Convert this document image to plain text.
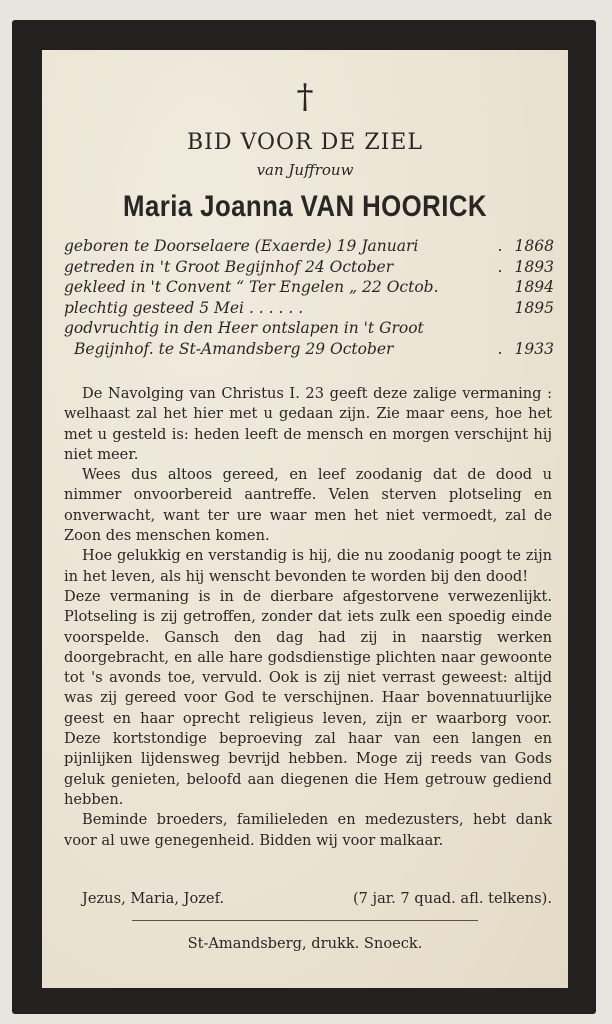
†
BID VOOR DE ZIEL
van Juffrouw
Maria Joanna VAN HOORICK
geboren te Doorselaere (Exaerde) 19 Januari	. 1868
getreden in 't Groot Begijnhof 24 October	. 1893
gekleed in 't Convent “ Ter Engelen „ 22 Octob.	1894
plechtig gesteed 5 Mei . . . . . .	1895
godvruchtig in den Heer ontslapen in 't Groot
Begijnhof. te St-Amandsberg 29 October	. 1933

De Navolging van Christus I. 23 geeft deze zalige vermaning : welhaast zal het hier met u gedaan zijn. Zie maar eens, hoe het met u gesteld is: heden leeft de mensch en morgen verschijnt hij niet meer.

Wees dus altoos gereed, en leef zoodanig dat de dood u nimmer onvoorbereid aantreffe. Velen sterven plotseling en onverwacht, want ter ure waar men het niet vermoedt, zal de Zoon des menschen komen.

Hoe gelukkig en verstandig is hij, die nu zoodanig poogt te zijn in het leven, als hij wenscht bevonden te worden bij den dood!

Deze vermaning is in de dierbare afgestorvene verwezenlijkt. Plotseling is zij getroffen, zonder dat iets zulk een spoedig einde voorspelde. Gansch den dag had zij in naarstig werken doorgebracht, en alle hare godsdienstige plichten naar gewoonte tot 's avonds toe, vervuld. Ook is zij niet verrast geweest: altijd was zij gereed voor God te verschijnen. Haar bovennatuurlijke geest en haar oprecht religieus leven, zijn er waarborg voor. Deze kortstondige beproeving zal haar van een langen en pijnlijken lijdensweg bevrijd hebben. Moge zij reeds van Gods geluk genieten, beloofd aan diegenen die Hem getrouw gediend hebben.

Beminde broeders, familieleden en medezusters, hebt dank voor al uwe genegenheid. Bidden wij voor malkaar.

Jezus, Maria, Jozef.	(7 jar. 7 quad. afl. telkens).
St-Amandsberg, drukk. Snoeck.
